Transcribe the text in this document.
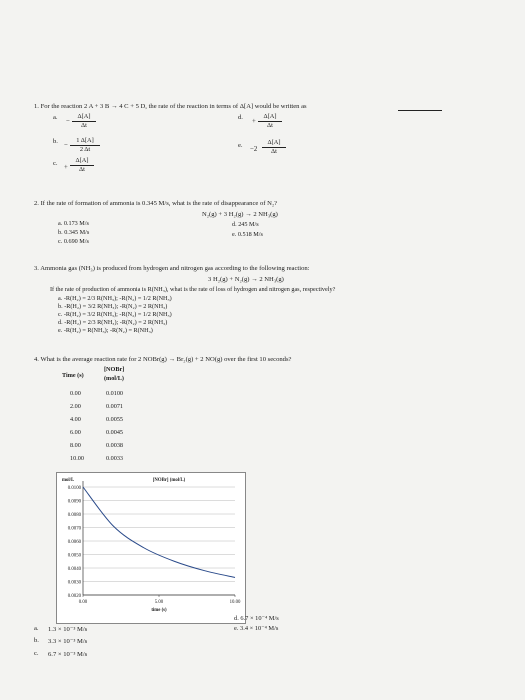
1. For the reaction 2 A + 3 B → 4 C + 5 D, the rate of the reaction in terms of Δ[A] would be written as
a.
−
Δ[A]
Δt
b.
−
1 Δ[A]
2 Δt
c.
+
Δ[A]
Δt
d.
+
Δ[A]
Δt
e.
−2
Δ[A]
Δt
2. If the rate of formation of ammonia is 0.345 M/s, what is the rate of disappearance of N₂?
N₂(g) + 3 H₂(g) → 2 NH₃(g)
a. 0.173 M/s
b. 0.345 M/s
c. 0.690 M/s
d. 245 M/s
e. 0.518 M/s
3. Ammonia gas (NH₃) is produced from hydrogen and nitrogen gas according to the following reaction:
3 H₂(g) + N₂(g) → 2 NH₃(g)
If the rate of production of ammonia is R(NH₃), what is the rate of loss of hydrogen and nitrogen gas, respectively?
a. -R(H₂) = 2/3 R(NH₃); -R(N₂) = 1/2 R(NH₃)
b. -R(H₂) = 3/2 R(NH₃); -R(N₂) = 2 R(NH₃)
c. -R(H₂) = 3/2 R(NH₃); -R(N₂) = 1/2 R(NH₃)
d. -R(H₂) = 2/3 R(NH₃); -R(N₂) = 2 R(NH₃)
e. -R(H₂) = R(NH₃); -R(N₂) = R(NH₃)
4. What is the average reaction rate for 2 NOBr(g) → Br₂(g) + 2 NO(g) over the first 10 seconds?
Time (s)
[NOBr]
(mol/L)
0.00	0.0100
2.00	0.0071
4.00	0.0055
6.00	0.0045
8.00	0.0038
10.00	0.0033
0.0100
0.0090
0.0080
0.0070
0.0060
0.0050
0.0040
0.0030
0.0020
0.00	5.00	10.00
mol/L	[NOBr] (mol/L)
time (s)
a. 1.3 × 10⁻³ M/s
b. 3.3 × 10⁻³ M/s
c. 6.7 × 10⁻³ M/s
d. 6.7 × 10⁻⁴ M/s
e. 3.4 × 10⁻⁴ M/s
